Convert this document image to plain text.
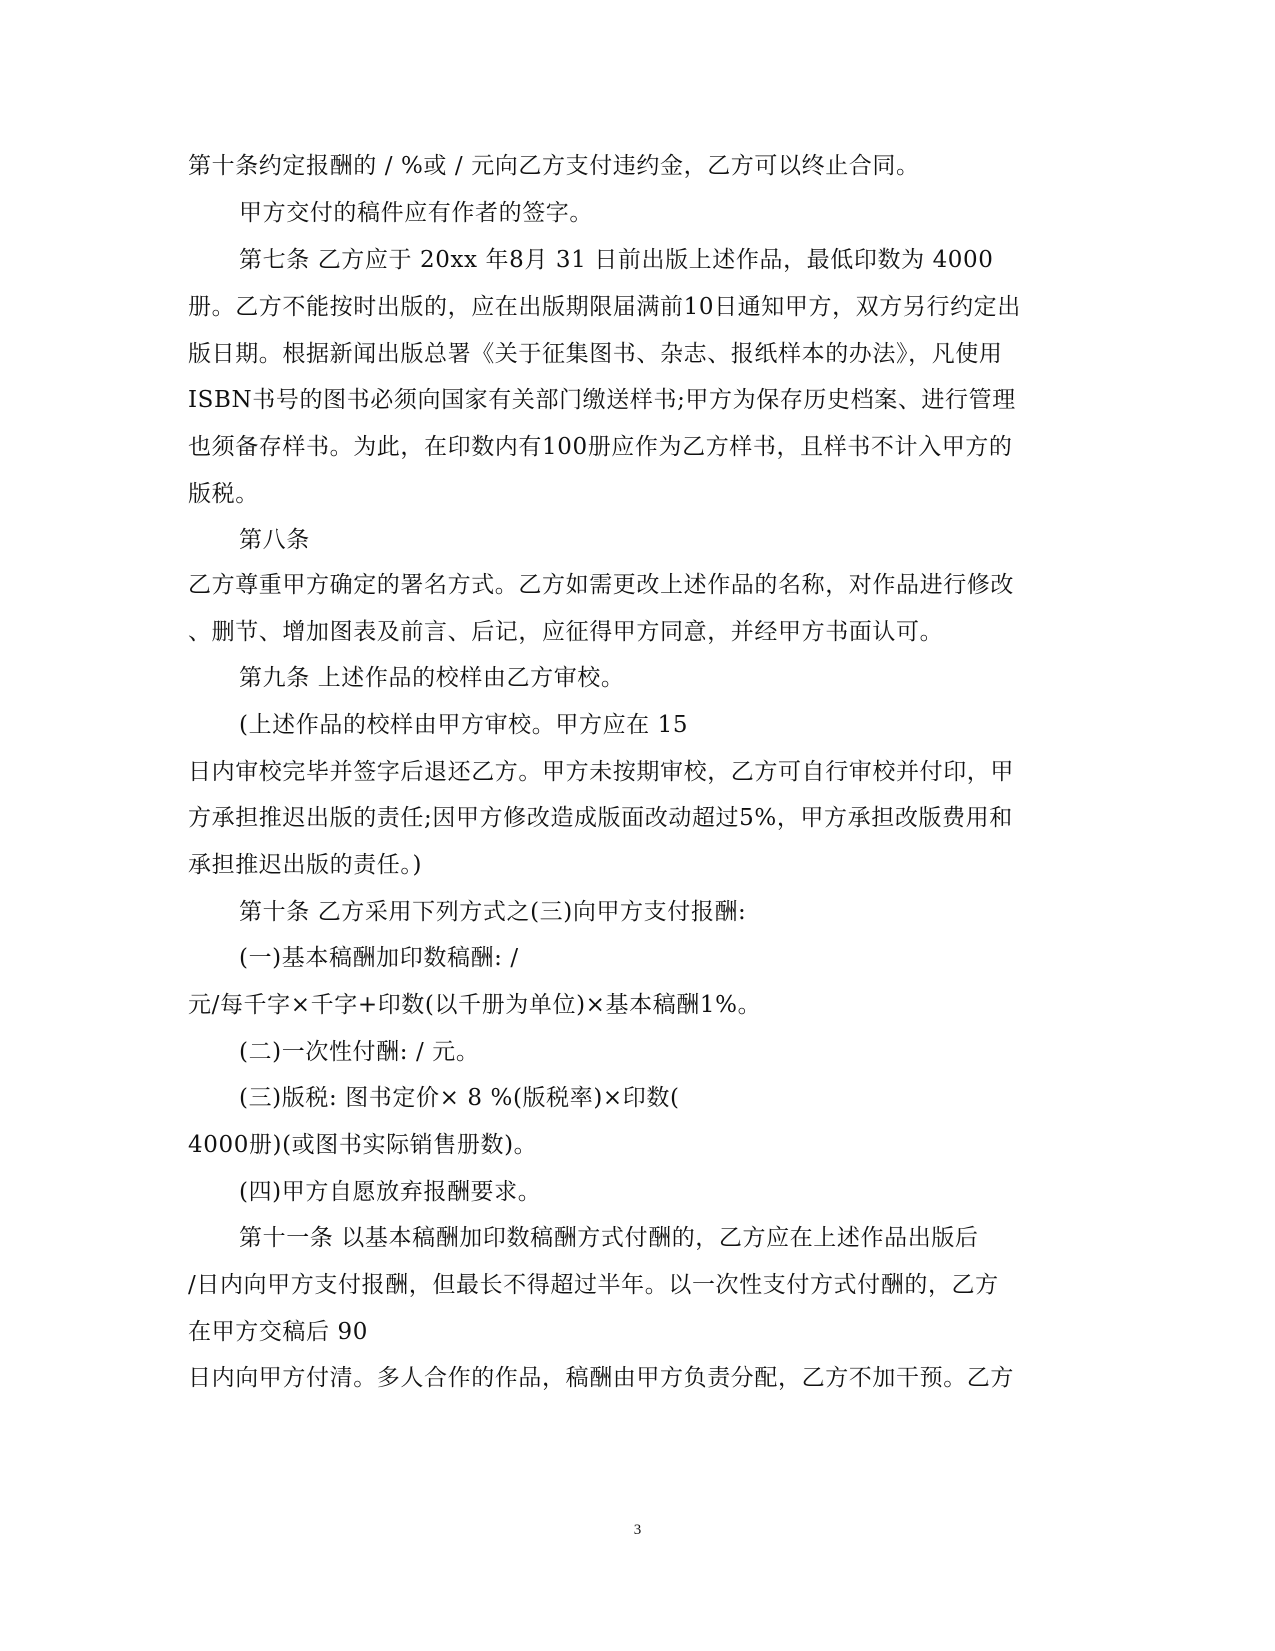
第十条约定报酬的 / %或 / 元向乙方支付违约金，乙方可以终止合同。
甲方交付的稿件应有作者的签字。
第七条 乙方应于 20xx 年8月 31 日前出版上述作品，最低印数为 4000
册。乙方不能按时出版的，应在出版期限届满前10日通知甲方，双方另行约定出
版日期。根据新闻出版总署《关于征集图书、杂志、报纸样本的办法》，凡使用
ISBN书号的图书必须向国家有关部门缴送样书;甲方为保存历史档案、进行管理
也须备存样书。为此，在印数内有100册应作为乙方样书，且样书不计入甲方的
版税。
第八条
乙方尊重甲方确定的署名方式。乙方如需更改上述作品的名称，对作品进行修改
、删节、增加图表及前言、后记，应征得甲方同意，并经甲方书面认可。
第九条 上述作品的校样由乙方审校。
(上述作品的校样由甲方审校。甲方应在 15
日内审校完毕并签字后退还乙方。甲方未按期审校，乙方可自行审校并付印，甲
方承担推迟出版的责任;因甲方修改造成版面改动超过5%，甲方承担改版费用和
承担推迟出版的责任。)
第十条 乙方采用下列方式之(三)向甲方支付报酬:
(一)基本稿酬加印数稿酬: /
元/每千字×千字+印数(以千册为单位)×基本稿酬1%。
(二)一次性付酬: / 元。
(三)版税: 图书定价× 8 %(版税率)×印数(
4000册)(或图书实际销售册数)。
(四)甲方自愿放弃报酬要求。
第十一条 以基本稿酬加印数稿酬方式付酬的，乙方应在上述作品出版后
/日内向甲方支付报酬，但最长不得超过半年。以一次性支付方式付酬的，乙方
在甲方交稿后 90
日内向甲方付清。多人合作的作品，稿酬由甲方负责分配，乙方不加干预。乙方
3
